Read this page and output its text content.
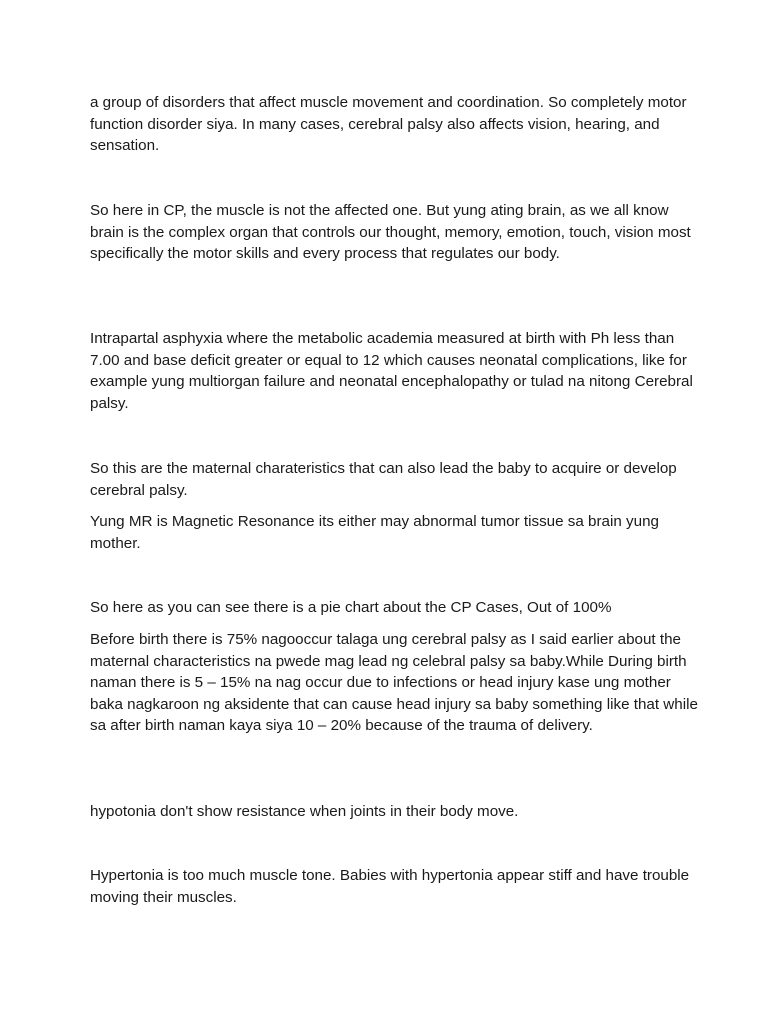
a group of disorders that affect muscle movement and coordination. So completely motor function disorder siya. In many cases, cerebral palsy also affects vision, hearing, and sensation.

So here in CP, the muscle is not the affected one. But yung ating brain, as we all know brain is the complex organ that controls our thought, memory, emotion, touch, vision most specifically the motor skills and every process that regulates our body.

Intrapartal asphyxia where the metabolic academia measured at birth with Ph less than 7.00 and base deficit greater or equal to 12 which causes neonatal complications, like for example yung multiorgan failure and neonatal encephalopathy or tulad na nitong Cerebral palsy.

So this are the maternal charateristics that can also lead the baby to acquire or develop cerebral palsy.

Yung MR is Magnetic Resonance its either may abnormal tumor tissue sa brain yung mother.

So here as you can see there is a pie chart about the CP Cases, Out of 100%

Before birth there is 75% nagooccur talaga ung cerebral palsy as I said earlier about the maternal characteristics na pwede mag lead ng celebral palsy sa baby.While During birth naman there is 5 – 15% na nag occur due to infections or head injury kase ung mother baka nagkaroon ng aksidente that can cause head injury sa baby something like that while sa after birth naman kaya siya 10 – 20% because of the trauma of delivery.

hypotonia don't show resistance when joints in their body move.

Hypertonia is too much muscle tone. Babies with hypertonia appear stiff and have trouble moving their muscles.
